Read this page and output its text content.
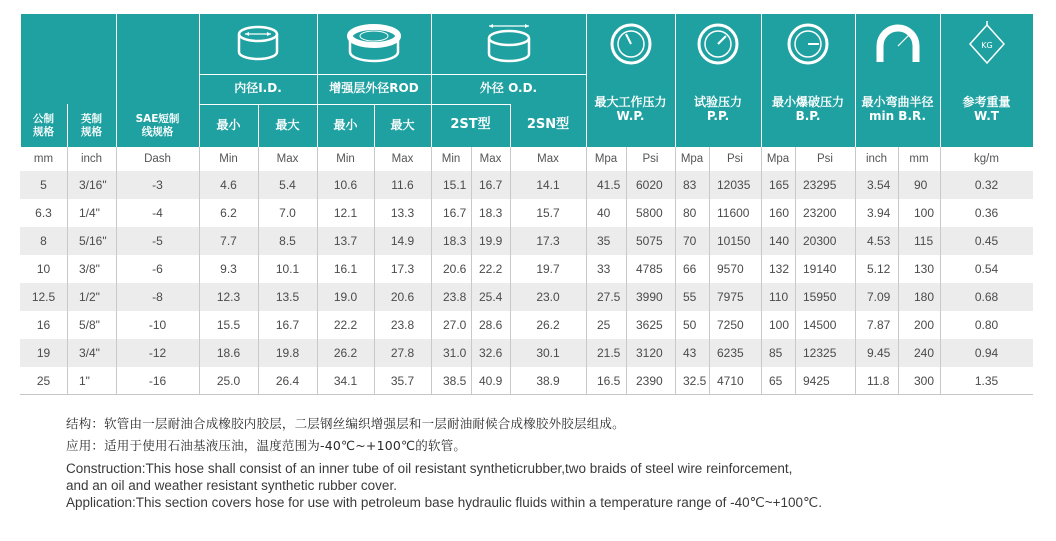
KG
公制
规格
英制
规格
SAE短制
线规格
内径I.D.	增强层外径ROD	外径 O.D.
最小	最大	最小	最大	2ST型	2SN型
最大工作压力
W.P.
试验压力
P.P.
最小爆破压力
B.P.
最小弯曲半径
min B.R.
参考重量
W.T
mm	inch	Dash	Min	Max	Min	Max	Min	Max	Max	Mpa	Psi	Mpa	Psi	Mpa	Psi	inch	mm	kg/m
5	3/16"	-3	4.6	5.4	10.6	11.6	15.1	16.7	14.1	41.5	6020	83	12035	165	23295	3.54	90	0.32
6.3	1/4"	-4	6.2	7.0	12.1	13.3	16.7	18.3	15.7	40	5800	80	11600	160	23200	3.94	100	0.36
8	5/16"	-5	7.7	8.5	13.7	14.9	18.3	19.9	17.3	35	5075	70	10150	140	20300	4.53	115	0.45
10	3/8"	-6	9.3	10.1	16.1	17.3	20.6	22.2	19.7	33	4785	66	9570	132	19140	5.12	130	0.54
12.5	1/2"	-8	12.3	13.5	19.0	20.6	23.8	25.4	23.0	27.5	3990	55	7975	110	15950	7.09	180	0.68
16	5/8"	-10	15.5	16.7	22.2	23.8	27.0	28.6	26.2	25	3625	50	7250	100	14500	7.87	200	0.80
19	3/4"	-12	18.6	19.8	26.2	27.8	31.0	32.6	30.1	21.5	3120	43	6235	85	12325	9.45	240	0.94
25	1"	-16	25.0	26.4	34.1	35.7	38.5	40.9	38.9	16.5	2390	32.5 4710	65	9425	11.8	300	1.35
结构：软管由一层耐油合成橡胶内胶层，二层钢丝编织增强层和一层耐油耐候合成橡胶外胶层组成。
应用：适用于使用石油基液压油，温度范围为-40℃~+100℃的软管。
Construction:This hose shall consist of an inner tube of oil resistant syntheticrubber,two braids of steel wire reinforcement,
and an oil and weather resistant synthetic rubber cover.
Application:This section covers hose for use with petroleum base hydraulic fluids within a temperature range of -40℃~+100℃.
